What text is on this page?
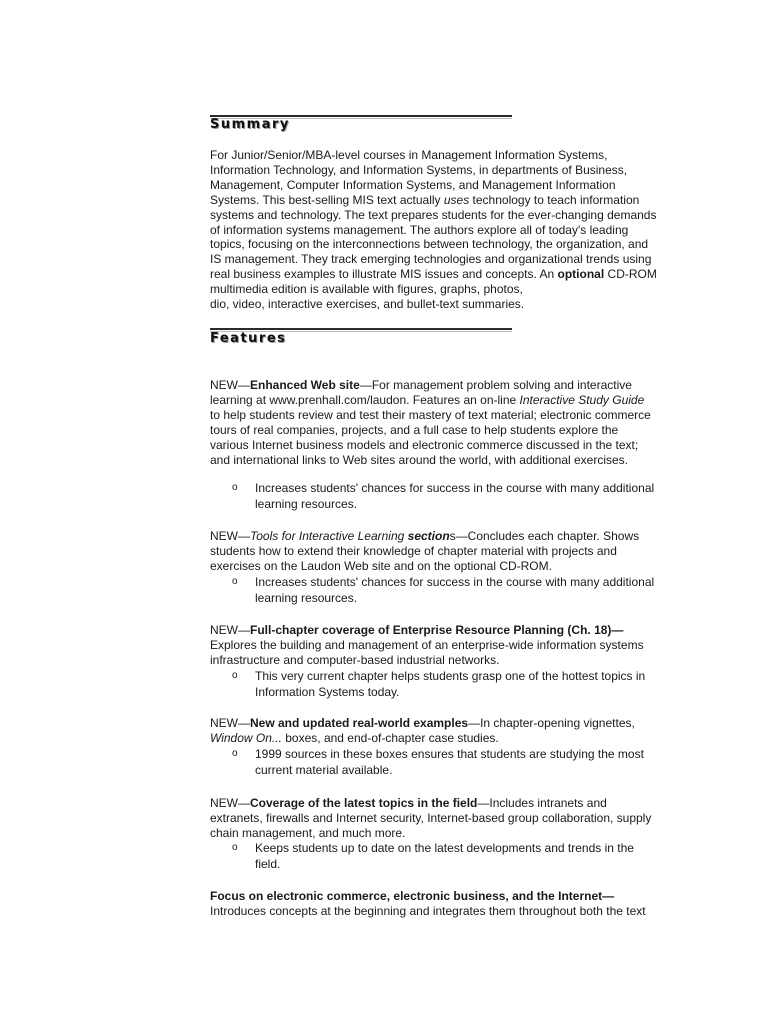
Summary
For Junior/Senior/MBA-level courses in Management Information Systems,
Information Technology, and Information Systems, in departments of Business,
Management, Computer Information Systems, and Management Information
Systems. This best-selling MIS text actually uses technology to teach information
systems and technology. The text prepares students for the ever-changing demands
of information systems management. The authors explore all of today's leading
topics, focusing on the interconnections between technology, the organization, and
IS management. They track emerging technologies and organizational trends using
real business examples to illustrate MIS issues and concepts. An optional CD-ROM
multimedia edition is available with figures, graphs, photos,
dio, video, interactive exercises, and bullet-text summaries.
Features
NEW—Enhanced Web site—For management problem solving and interactive
learning at www.prenhall.com/laudon. Features an on-line Interactive Study Guide
to help students review and test their mastery of text material; electronic commerce
tours of real companies, projects, and a full case to help students explore the
various Internet business models and electronic commerce discussed in the text;
and international links to Web sites around the world, with additional exercises.
o Increases students' chances for success in the course with many additional
learning resources.
NEW—Tools for Interactive Learning sections—Concludes each chapter. Shows
students how to extend their knowledge of chapter material with projects and
exercises on the Laudon Web site and on the optional CD-ROM.
o Increases students' chances for success in the course with many additional
learning resources.
NEW—Full-chapter coverage of Enterprise Resource Planning (Ch. 18)—
Explores the building and management of an enterprise-wide information systems
infrastructure and computer-based industrial networks.
o This very current chapter helps students grasp one of the hottest topics in
Information Systems today.
NEW—New and updated real-world examples—In chapter-opening vignettes,
Window On... boxes, and end-of-chapter case studies.
o 1999 sources in these boxes ensures that students are studying the most
current material available.
NEW—Coverage of the latest topics in the field—Includes intranets and
extranets, firewalls and Internet security, Internet-based group collaboration, supply
chain management, and much more.
o Keeps students up to date on the latest developments and trends in the
field.
Focus on electronic commerce, electronic business, and the Internet—
Introduces concepts at the beginning and integrates them throughout both the text
